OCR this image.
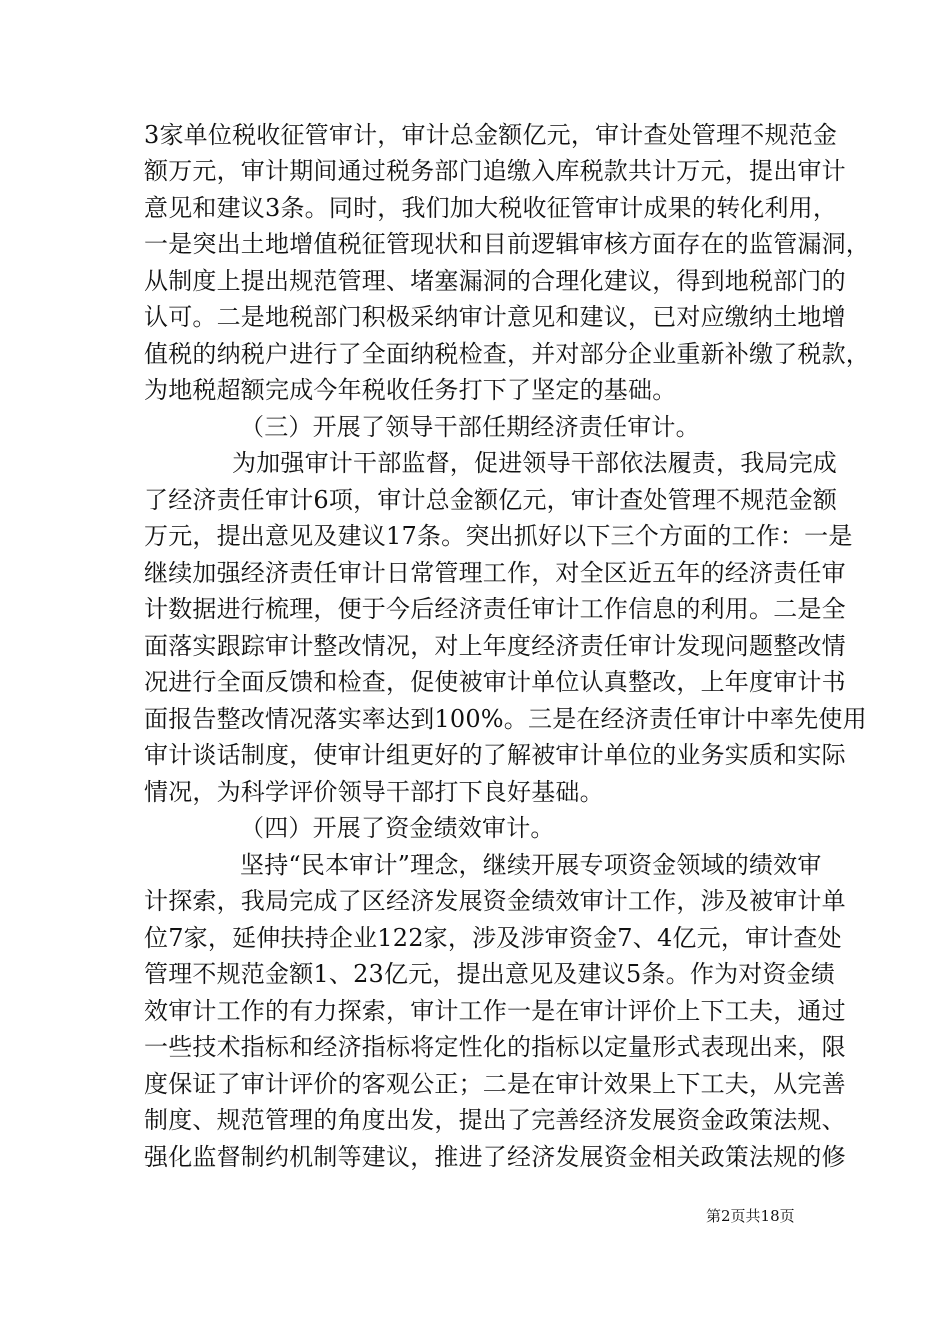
3家单位税收征管审计，审计总金额亿元，审计查处管理不规范金
额万元，审计期间通过税务部门追缴入库税款共计万元，提出审计
意见和建议3条。同时，我们加大税收征管审计成果的转化利用，
一是突出土地增值税征管现状和目前逻辑审核方面存在的监管漏洞，
从制度上提出规范管理、堵塞漏洞的合理化建议，得到地税部门的
认可。二是地税部门积极采纳审计意见和建议，已对应缴纳土地增
值税的纳税户进行了全面纳税检查，并对部分企业重新补缴了税款，
为地税超额完成今年税收任务打下了坚定的基础。
（三）开展了领导干部任期经济责任审计。
为加强审计干部监督，促进领导干部依法履责，我局完成
了经济责任审计6项，审计总金额亿元，审计查处管理不规范金额
万元，提出意见及建议17条。突出抓好以下三个方面的工作：一是
继续加强经济责任审计日常管理工作，对全区近五年的经济责任审
计数据进行梳理，便于今后经济责任审计工作信息的利用。二是全
面落实跟踪审计整改情况，对上年度经济责任审计发现问题整改情
况进行全面反馈和检查，促使被审计单位认真整改，上年度审计书
面报告整改情况落实率达到100%。三是在经济责任审计中率先使用
审计谈话制度，使审计组更好的了解被审计单位的业务实质和实际
情况，为科学评价领导干部打下良好基础。
（四）开展了资金绩效审计。
坚持“民本审计”理念，继续开展专项资金领域的绩效审
计探索，我局完成了区经济发展资金绩效审计工作，涉及被审计单
位7家，延伸扶持企业122家，涉及涉审资金7、4亿元，审计查处
管理不规范金额1、23亿元，提出意见及建议5条。作为对资金绩
效审计工作的有力探索，审计工作一是在审计评价上下工夫，通过
一些技术指标和经济指标将定性化的指标以定量形式表现出来，限
度保证了审计评价的客观公正；二是在审计效果上下工夫，从完善
制度、规范管理的角度出发，提出了完善经济发展资金政策法规、
强化监督制约机制等建议，推进了经济发展资金相关政策法规的修
第2页共18页
